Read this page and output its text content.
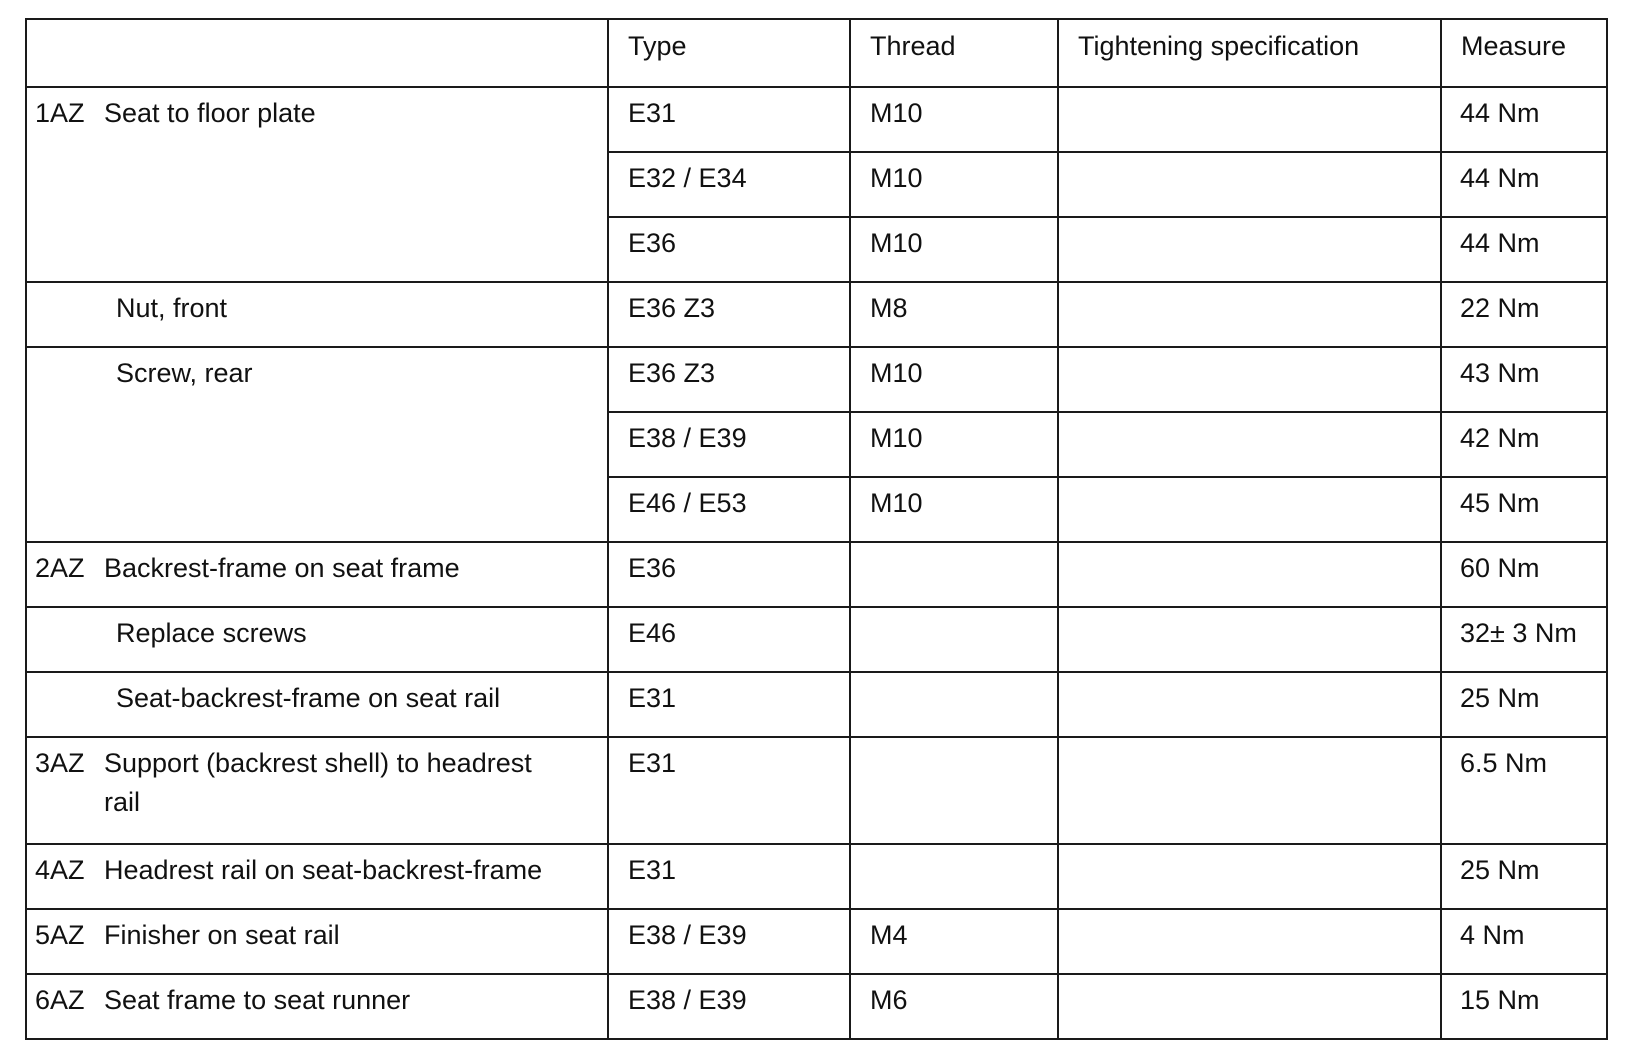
	Type	Thread	Tightening specification	Measure

1AZ Seat to floor plate	E31	M10		44 Nm
	E32 / E34	M10		44 Nm
	E36	M10		44 Nm
Nut, front	E36 Z3	M8		22 Nm
Screw, rear	E36 Z3	M10		43 Nm
	E38 / E39	M10		42 Nm
	E46 / E53	M10		45 Nm

2AZ Backrest-frame on seat frame	E36			60 Nm
Replace screws	E46			32± 3 Nm
Seat-backrest-frame on seat rail	E31			25 Nm

3AZ Support (backrest shell) to headrest
rail	E31			6.5 Nm

4AZ Headrest rail on seat-backrest-frame	E31			25 Nm

5AZ Finisher on seat rail	E38 / E39	M4		4 Nm

6AZ Seat frame to seat runner	E38 / E39	M6		15 Nm
